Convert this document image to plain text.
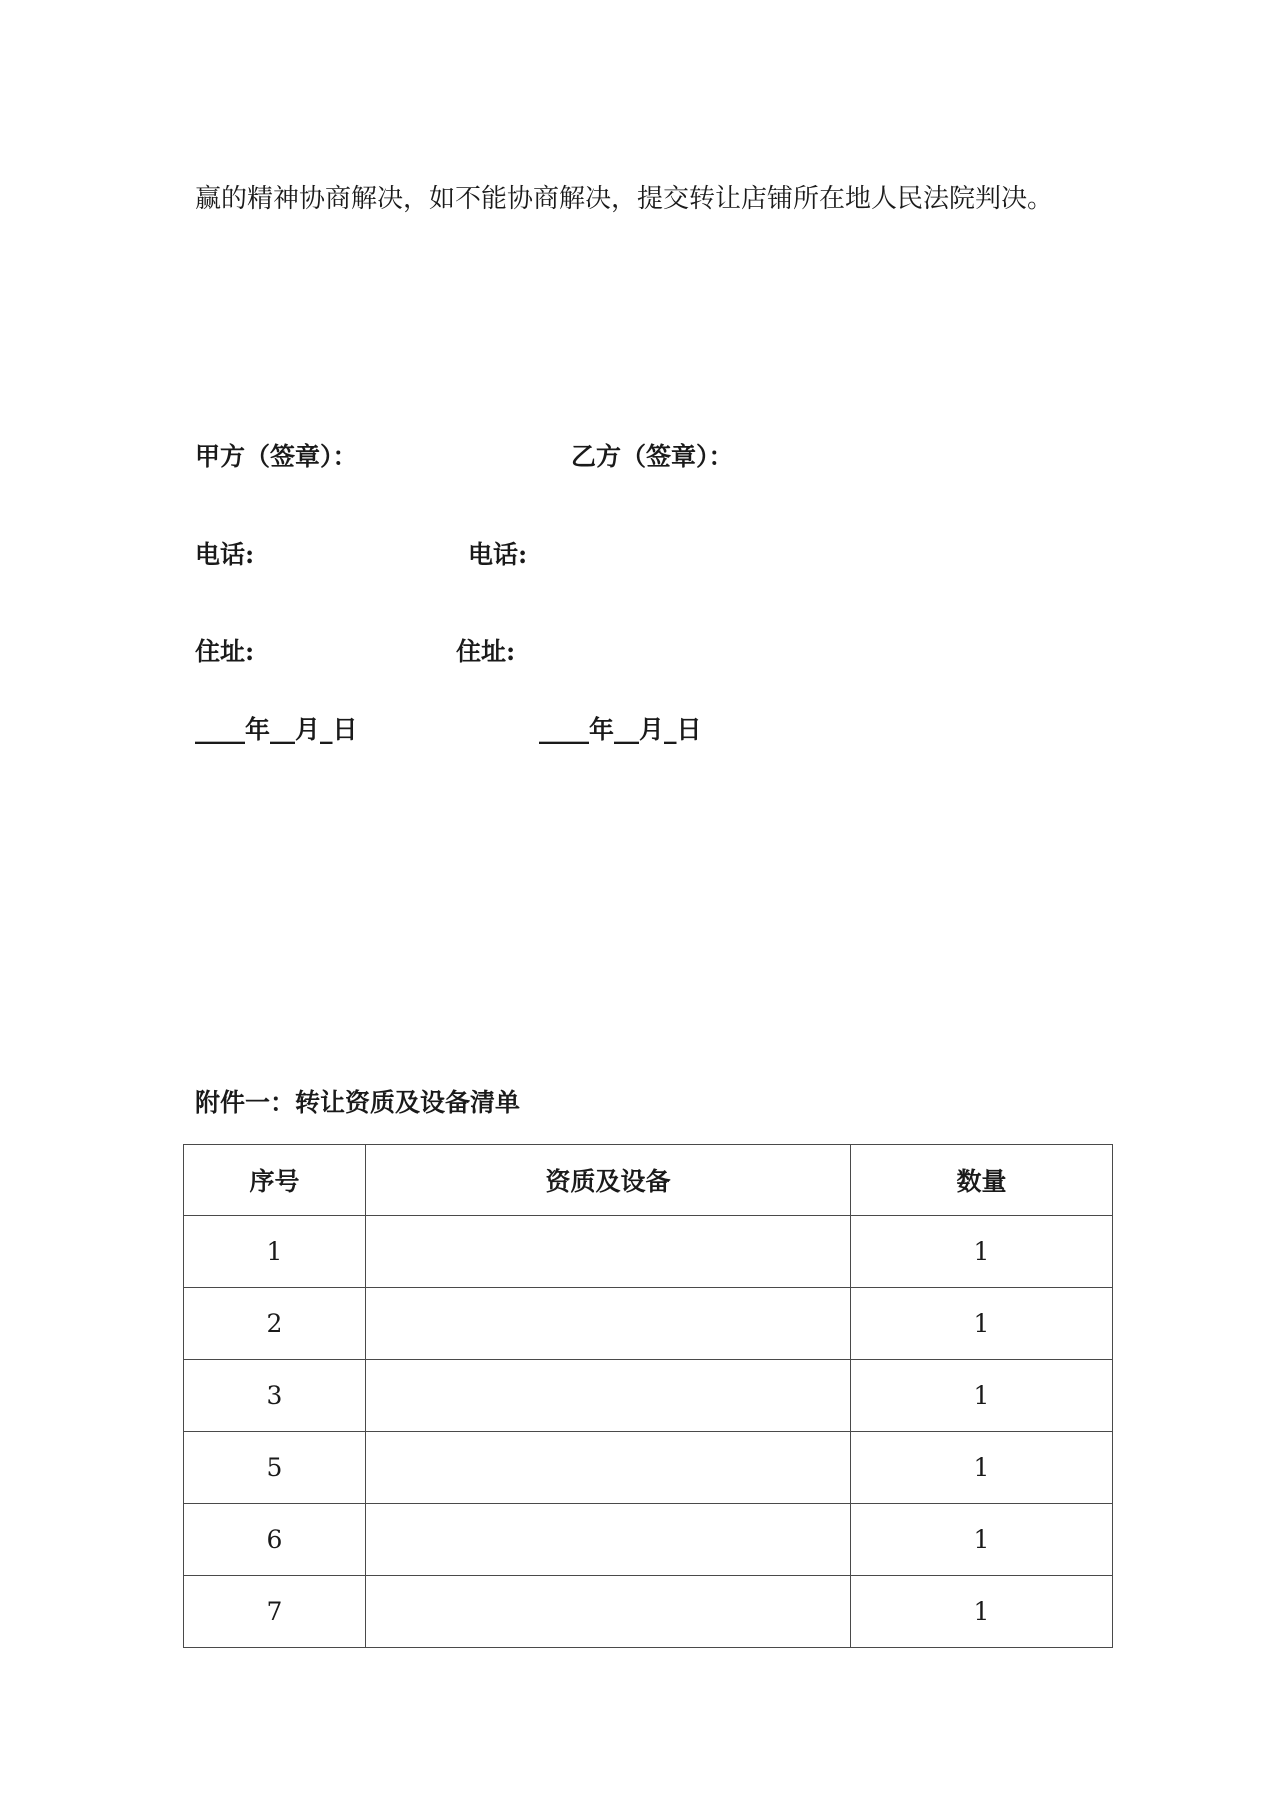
赢的精神协商解决，如不能协商解决，提交转让店铺所在地人民法院判决。
甲方（签章）：	乙方（签章）：
电话:	电话:
住址:	住址:
____年__月_日	____年__月_日
附件一：转让资质及设备清单
序号	资质及设备	数量
1		1
2		1
3		1
5		1
6		1
7		1
